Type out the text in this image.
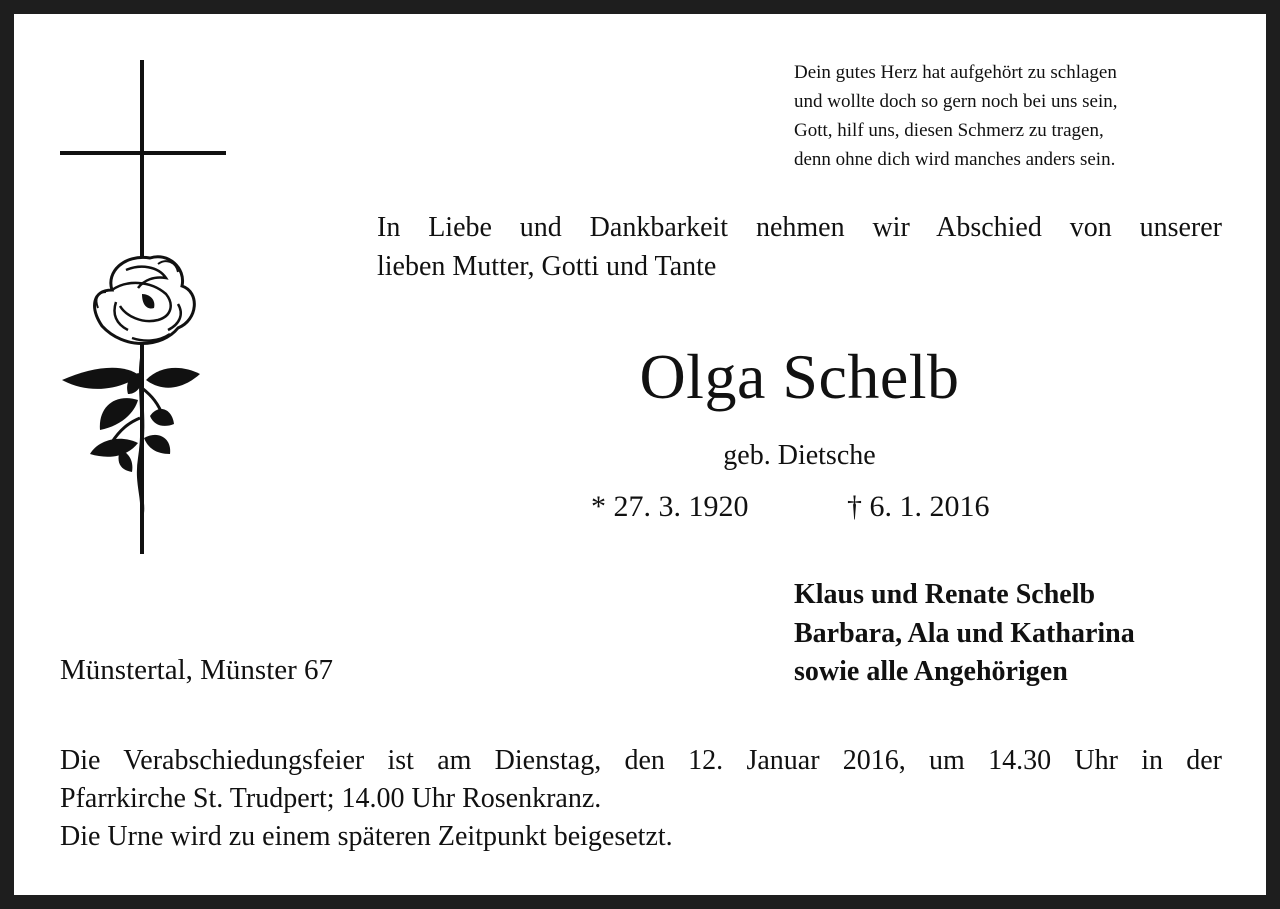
Dein gutes Herz hat aufgehört zu schlagen
und wollte doch so gern noch bei uns sein,
Gott, hilf uns, diesen Schmerz zu tragen,
denn ohne dich wird manches anders sein.
In Liebe und Dankbarkeit nehmen wir Abschied von unserer
lieben Mutter, Gotti und Tante
Olga Schelb
geb. Dietsche
* 27. 3. 1920	† 6. 1. 2016
Klaus und Renate Schelb
Barbara, Ala und Katharina
sowie alle Angehörigen
Münstertal, Münster 67
Die Verabschiedungsfeier ist am Dienstag, den 12. Januar 2016, um 14.30 Uhr in der
Pfarrkirche St. Trudpert; 14.00 Uhr Rosenkranz.
Die Urne wird zu einem späteren Zeitpunkt beigesetzt.
